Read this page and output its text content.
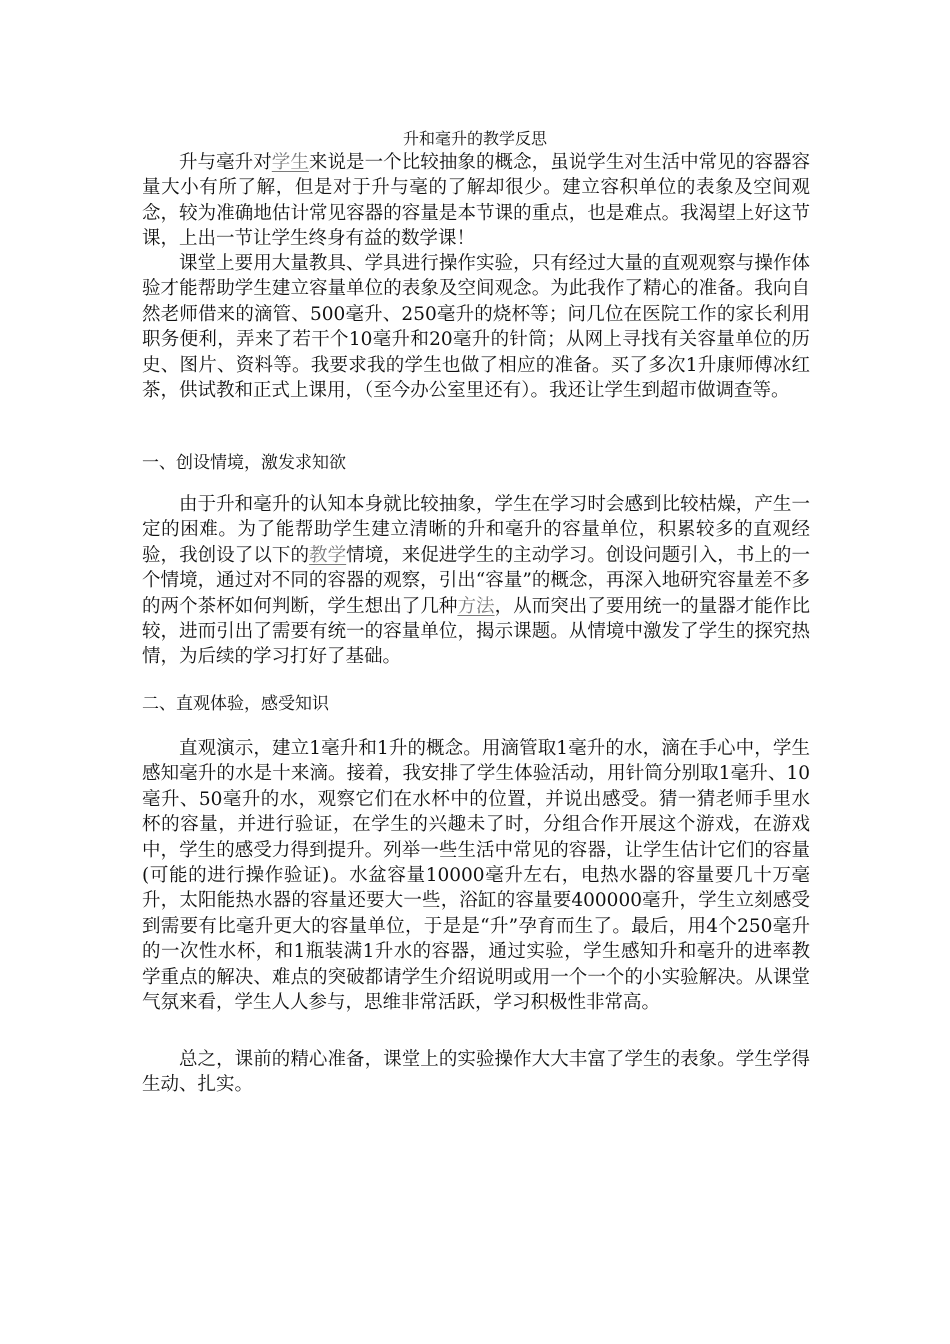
升和毫升的教学反思

升与毫升对学生来说是一个比较抽象的概念，虽说学生对生活中常见的容器容量大小有所了解，但是对于升与毫的了解却很少。建立容积单位的表象及空间观念，较为准确地估计常见容器的容量是本节课的重点，也是难点。我渴望上好这节课，上出一节让学生终身有益的数学课！

课堂上要用大量教具、学具进行操作实验，只有经过大量的直观观察与操作体验才能帮助学生建立容量单位的表象及空间观念。为此我作了精心的准备。我向自然老师借来的滴管、500毫升、250毫升的烧杯等；问几位在医院工作的家长利用职务便利，弄来了若干个10毫升和20毫升的针筒；从网上寻找有关容量单位的历史、图片、资料等。我要求我的学生也做了相应的准备。买了多次1升康师傅冰红茶，供试教和正式上课用，（至今办公室里还有）。我还让学生到超市做调查等。

一、创设情境，激发求知欲

由于升和毫升的认知本身就比较抽象，学生在学习时会感到比较枯燥，产生一定的困难。为了能帮助学生建立清晰的升和毫升的容量单位，积累较多的直观经验，我创设了以下的教学情境，来促进学生的主动学习。创设问题引入，书上的一个情境，通过对不同的容器的观察，引出“容量”的概念，再深入地研究容量差不多的两个茶杯如何判断，学生想出了几种方法，从而突出了要用统一的量器才能作比较，进而引出了需要有统一的容量单位，揭示课题。从情境中激发了学生的探究热情，为后续的学习打好了基础。

二、直观体验，感受知识

直观演示，建立1毫升和1升的概念。用滴管取1毫升的水，滴在手心中，学生感知毫升的水是十来滴。接着，我安排了学生体验活动，用针筒分别取1毫升、10毫升、50毫升的水，观察它们在水杯中的位置，并说出感受。猜一猜老师手里水杯的容量，并进行验证，在学生的兴趣未了时，分组合作开展这个游戏，在游戏中，学生的感受力得到提升。列举一些生活中常见的容器，让学生估计它们的容量(可能的进行操作验证)。水盆容量10000毫升左右，电热水器的容量要几十万毫升，太阳能热水器的容量还要大一些，浴缸的容量要400000毫升，学生立刻感受到需要有比毫升更大的容量单位，于是是“升”孕育而生了。最后，用4个250毫升的一次性水杯，和1瓶装满1升水的容器，通过实验，学生感知升和毫升的进率教学重点的解决、难点的突破都请学生介绍说明或用一个一个的小实验解决。从课堂气氛来看，学生人人参与，思维非常活跃，学习积极性非常高。

总之，课前的精心准备，课堂上的实验操作大大丰富了学生的表象。学生学得生动、扎实。
